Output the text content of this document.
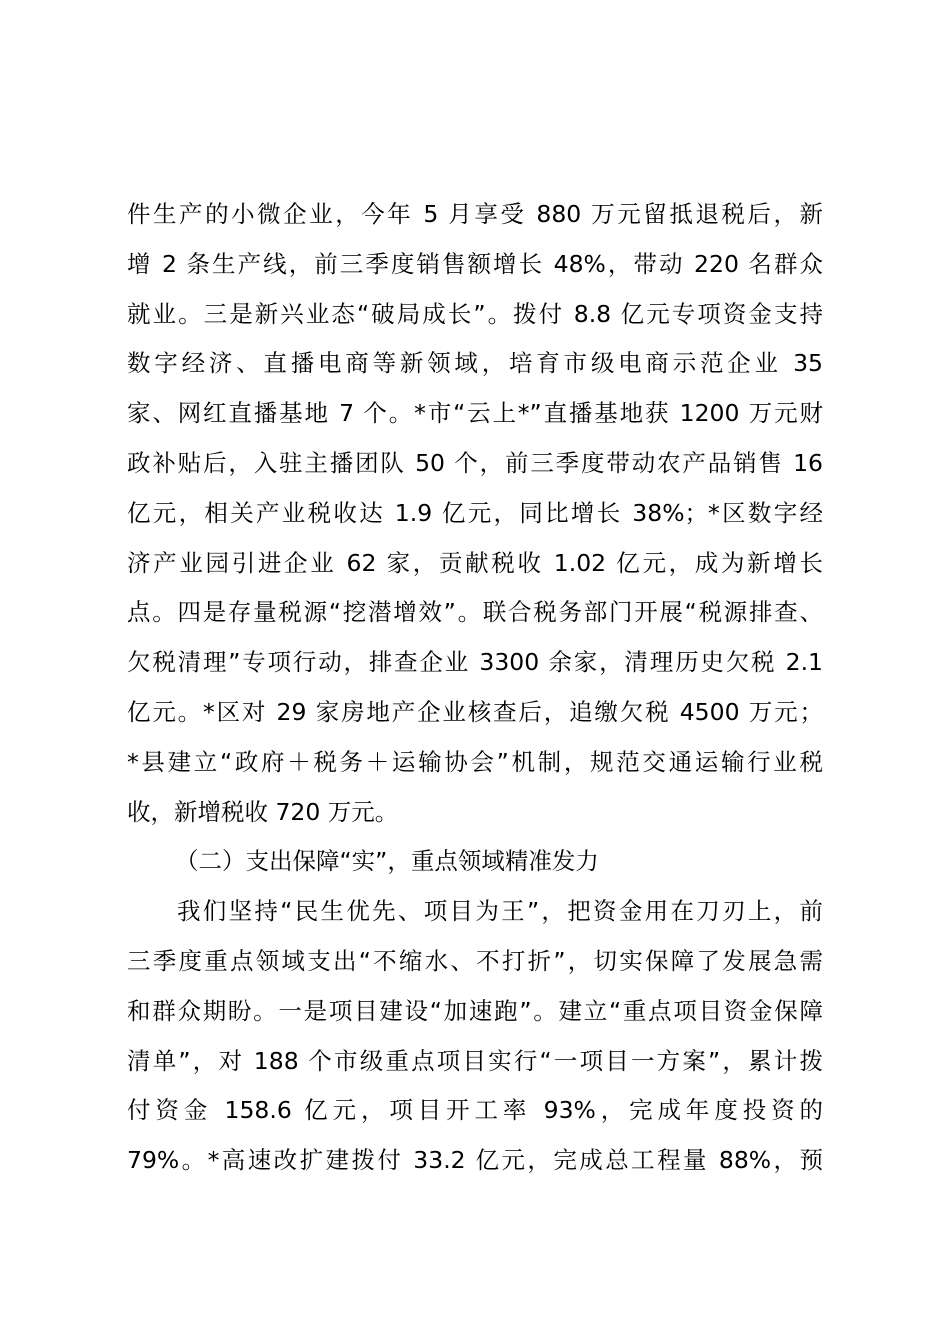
件生产的小微企业，今年 5 月享受 880 万元留抵退税后，新
增 2 条生产线，前三季度销售额增长 48%，带动 220 名群众
就业。三是新兴业态“破局成长”。拨付 8.8 亿元专项资金支持
数字经济、直播电商等新领域，培育市级电商示范企业 35
家、网红直播基地 7 个。*市“云上*”直播基地获 1200 万元财
政补贴后，入驻主播团队 50 个，前三季度带动农产品销售 16
亿元，相关产业税收达 1.9 亿元，同比增长 38%；*区数字经
济产业园引进企业 62 家，贡献税收 1.02 亿元，成为新增长
点。四是存量税源“挖潜增效”。联合税务部门开展“税源排查、
欠税清理”专项行动，排查企业 3300 余家，清理历史欠税 2.1
亿元。*区对 29 家房地产企业核查后，追缴欠税 4500 万元；
*县建立“政府＋税务＋运输协会”机制，规范交通运输行业税
收，新增税收 720 万元。
（二）支出保障“实”，重点领域精准发力
我们坚持“民生优先、项目为王”，把资金用在刀刃上，前
三季度重点领域支出“不缩水、不打折”，切实保障了发展急需
和群众期盼。一是项目建设“加速跑”。建立“重点项目资金保障
清单”，对 188 个市级重点项目实行“一项目一方案”，累计拨
付资金 158.6 亿元，项目开工率 93%，完成年度投资的
79%。*高速改扩建拨付 33.2 亿元，完成总工程量 88%，预
